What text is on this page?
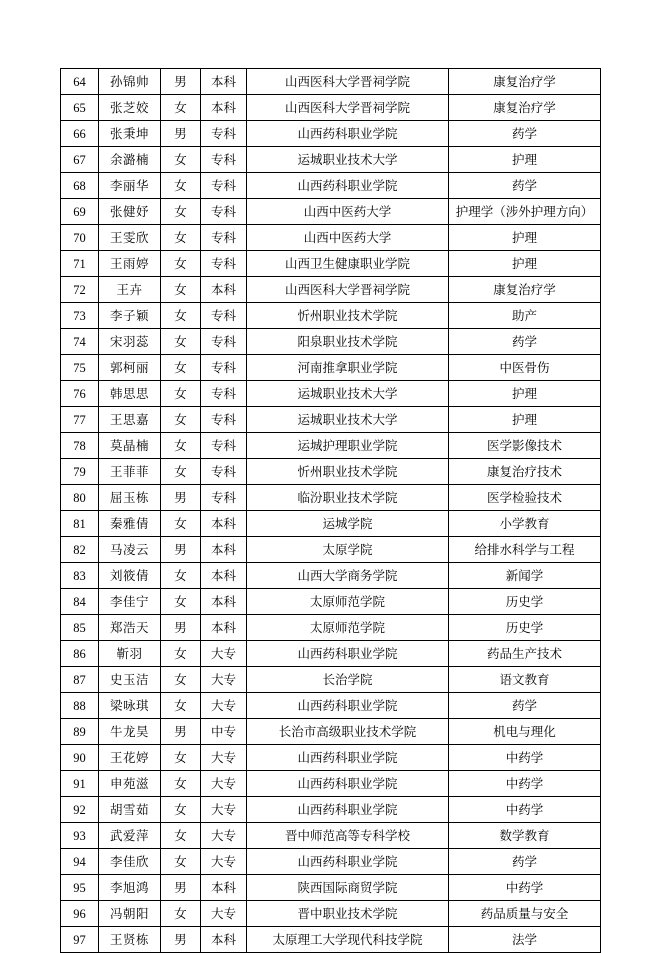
64	孙锦帅	男	本科	山西医科大学晋祠学院	康复治疗学
65	张芝姣	女	本科	山西医科大学晋祠学院	康复治疗学
66	张秉坤	男	专科	山西药科职业学院	药学
67	余潞楠	女	专科	运城职业技术大学	护理
68	李丽华	女	专科	山西药科职业学院	药学
69	张健妤	女	专科	山西中医药大学	护理学（涉外护理方向）
70	王雯欣	女	专科	山西中医药大学	护理
71	王雨婷	女	专科	山西卫生健康职业学院	护理
72	王卉	女	本科	山西医科大学晋祠学院	康复治疗学
73	李子颖	女	专科	忻州职业技术学院	助产
74	宋羽蕊	女	专科	阳泉职业技术学院	药学
75	郭柯丽	女	专科	河南推拿职业学院	中医骨伤
76	韩思思	女	专科	运城职业技术大学	护理
77	王思嘉	女	专科	运城职业技术大学	护理
78	莫晶楠	女	专科	运城护理职业学院	医学影像技术
79	王菲菲	女	专科	忻州职业技术学院	康复治疗技术
80	屈玉栋	男	专科	临汾职业技术学院	医学检验技术
81	秦雅倩	女	本科	运城学院	小学教育
82	马凌云	男	本科	太原学院	给排水科学与工程
83	刘筱倩	女	本科	山西大学商务学院	新闻学
84	李佳宁	女	本科	太原师范学院	历史学
85	郑浩天	男	本科	太原师范学院	历史学
86	靳羽	女	大专	山西药科职业学院	药品生产技术
87	史玉洁	女	大专	长治学院	语文教育
88	梁咏琪	女	大专	山西药科职业学院	药学
89	牛龙昊	男	中专	长治市高级职业技术学院	机电与理化
90	王花婷	女	大专	山西药科职业学院	中药学
91	申苑滋	女	大专	山西药科职业学院	中药学
92	胡雪茹	女	大专	山西药科职业学院	中药学
93	武爱萍	女	大专	晋中师范高等专科学校	数学教育
94	李佳欣	女	大专	山西药科职业学院	药学
95	李旭鸿	男	本科	陕西国际商贸学院	中药学
96	冯朝阳	女	大专	晋中职业技术学院	药品质量与安全
97	王贤栋	男	本科	太原理工大学现代科技学院	法学
